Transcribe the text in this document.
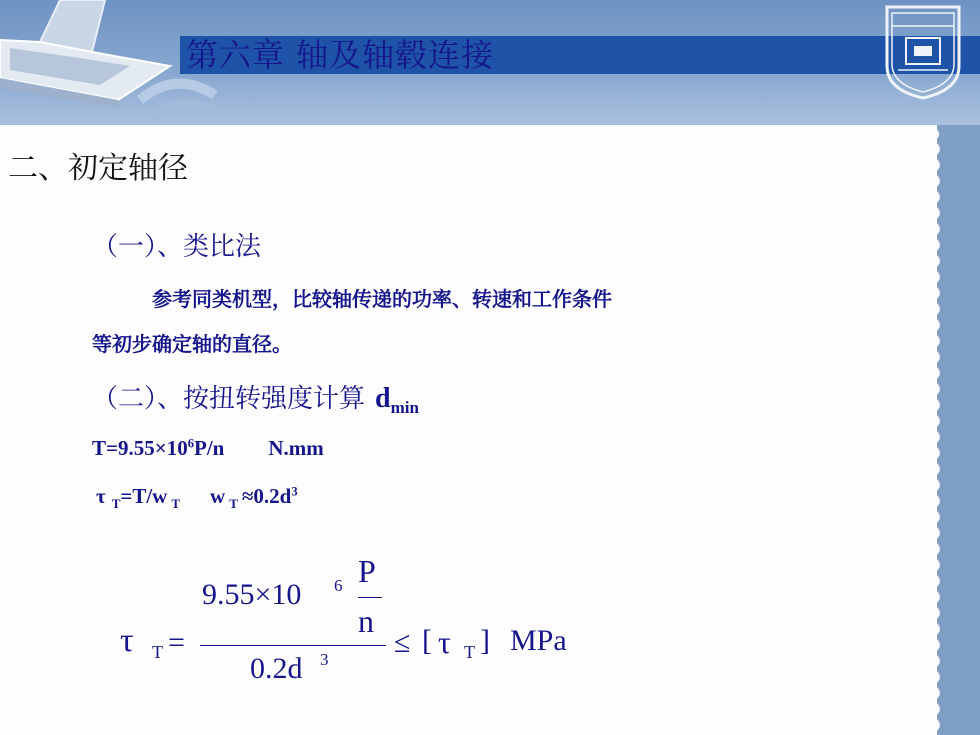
第六章 轴及轴毂连接
二、初定轴径
（一）、类比法
参考同类机型，比较轴传递的功率、转速和工作条件
等初步确定轴的直径。
（二）、按扭转强度计算 $d_{min}$
$T=9.55\times 10^6P/n$ N.mm
τ $_T$=T/w $_T$ w $_T \approx 0.2d^3$
τ T =
9.55×10 6 P
n
0.2d 3
≤ [ τ T ] MPa
